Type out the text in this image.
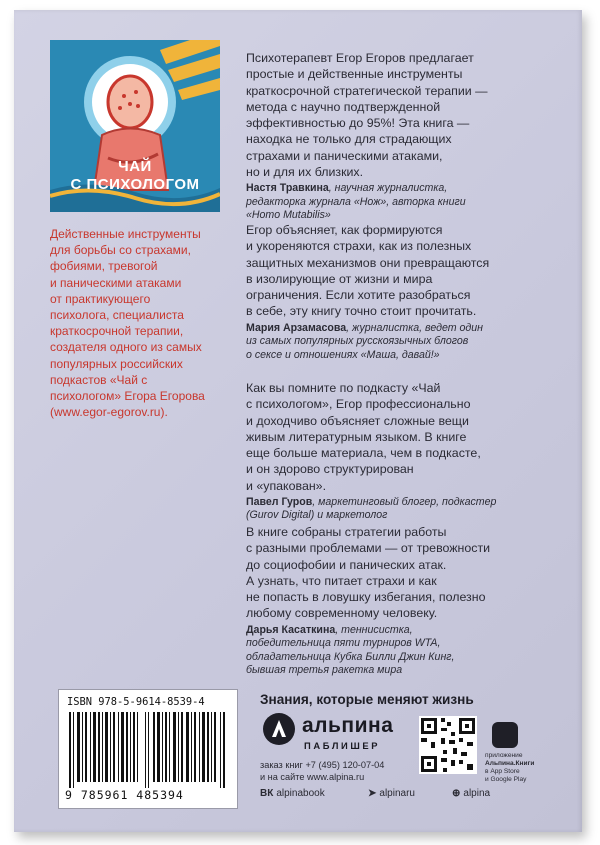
ЧАЙ
С ПСИХОЛОГОМ
Действенные инструменты
для борьбы со страхами,
фобиями, тревогой
и паническими атаками
от практикующего
психолога, специалиста
краткосрочной терапии,
создателя одного из самых
популярных российских
подкастов «Чай с
психологом» Егора Егорова
(www.egor-egorov.ru).
Психотерапевт Егор Егоров предлагает
простые и действенные инструменты
краткосрочной стратегической терапии —
метода с научно подтвержденной
эффективностью до 95%! Эта книга —
находка не только для страдающих
страхами и паническими атаками,
но и для их близких.
Настя Травкина, научная журналистка,
редакторка журнала «Нож», авторка книги
«Homo Mutabilis»
Егор объясняет, как формируются
и укореняются страхи, как из полезных
защитных механизмов они превращаются
в изолирующие от жизни и мира
ограничения. Если хотите разобраться
в себе, эту книгу точно стоит прочитать.
Мария Арзамасова, журналистка, ведет один
из самых популярных русскоязычных блогов
о сексе и отношениях «Маша, давай!»
Как вы помните по подкасту «Чай
с психологом», Егор профессионально
и доходчиво объясняет сложные вещи
живым литературным языком. В книге
еще больше материала, чем в подкасте,
и он здорово структурирован
и «упакован».
Павел Гуров, маркетинговый блогер, подкастер
(Gurov Digital) и маркетолог
В книге собраны стратегии работы
с разными проблемами — от тревожности
до социофобии и панических атак.
А узнать, что питает страхи и как
не попасть в ловушку избегания, полезно
любому современному человеку.
Дарья Касаткина, теннисистка,
победительница пяти турниров WTA,
обладательница Кубка Билли Джин Кинг,
бывшая третья ракетка мира
ISBN 978-5-9614-8539-4
9 785961 485394
Знания, которые меняют жизнь
альпина
ПАБЛИШЕР
заказ книг +7 (495) 120-07-04
и на сайте www.alpina.ru
приложение
Альпина.Книги
в App Store
и Google Play
ВК alpinabook	➤ alpinaru	⊕ alpina
